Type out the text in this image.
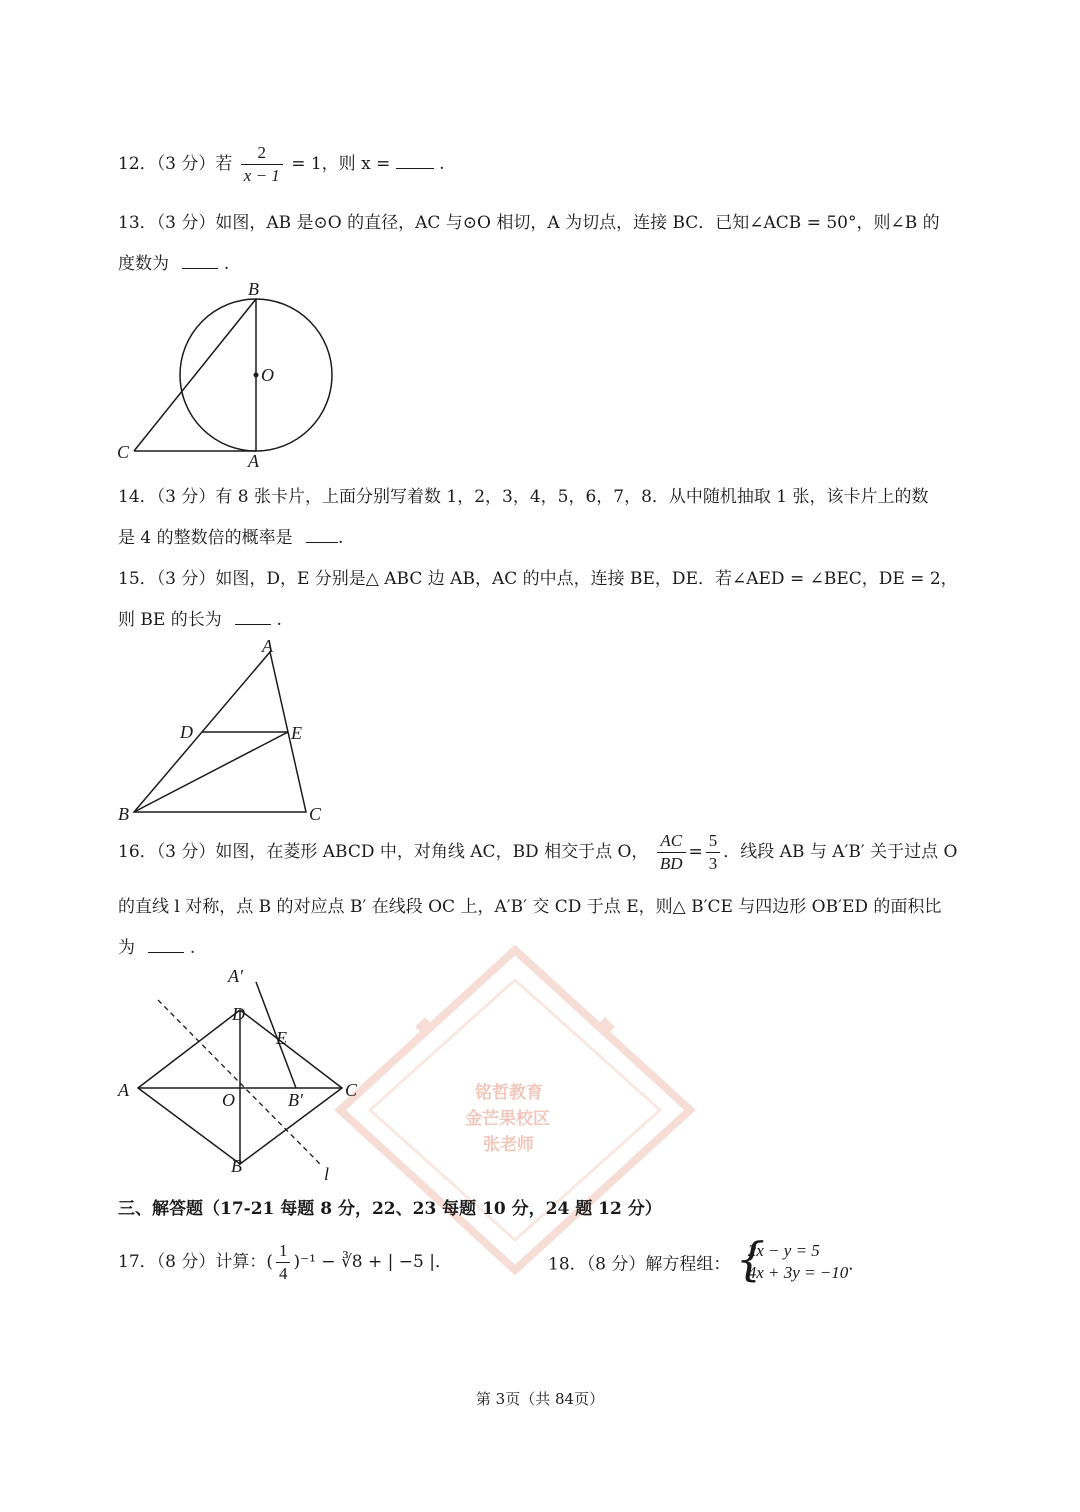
12．（3 分）若 $\frac{2}{x - 1} = 1$，则 x =	.
13．（3 分）如图，AB 是⊙O 的直径，AC 与⊙O 相切，A 为切点，连接 BC．已知∠ACB = 50°，则∠B 的
度数为	.
B
O
C	A
14．（3 分）有 8 张卡片，上面分别写着数 1，2，3，4，5，6，7，8．从中随机抽取 1 张，该卡片上的数
是 4 的整数倍的概率是	.
15．（3 分）如图，D，E 分别是△ ABC 边 AB，AC 的中点，连接 BE，DE．若∠AED = ∠BEC，DE = 2，
则 BE 的长为	.
A
D	E
B	C
16．（3 分）如图，在菱形 ABCD 中，对角线 AC，BD 相交于点 O， $\frac{AC}{BD} = \frac{5}{3}$ ．线段 AB 与 A′B′ 关于过点 O
的直线 l 对称，点 B 的对应点 B′ 在线段 OC 上，A′B′ 交 CD 于点 E，则△ B′CE 与四边形 OB′ED 的面积比
为	.
铭哲教育
金芒果校区
张老师
A′
D
E
A	O	B′ C
B	l
三、解答题（17-21 每题 8 分，22、23 每题 10 分，24 题 12 分）
17．（8 分）计算：( $\frac{1}{4} )^{-1}$ − ∛8 + | −5 |．	18．（8 分）解方程组： {
2x − y = 5
4x + 3y = −10 ．
第 3页（共 84页）
